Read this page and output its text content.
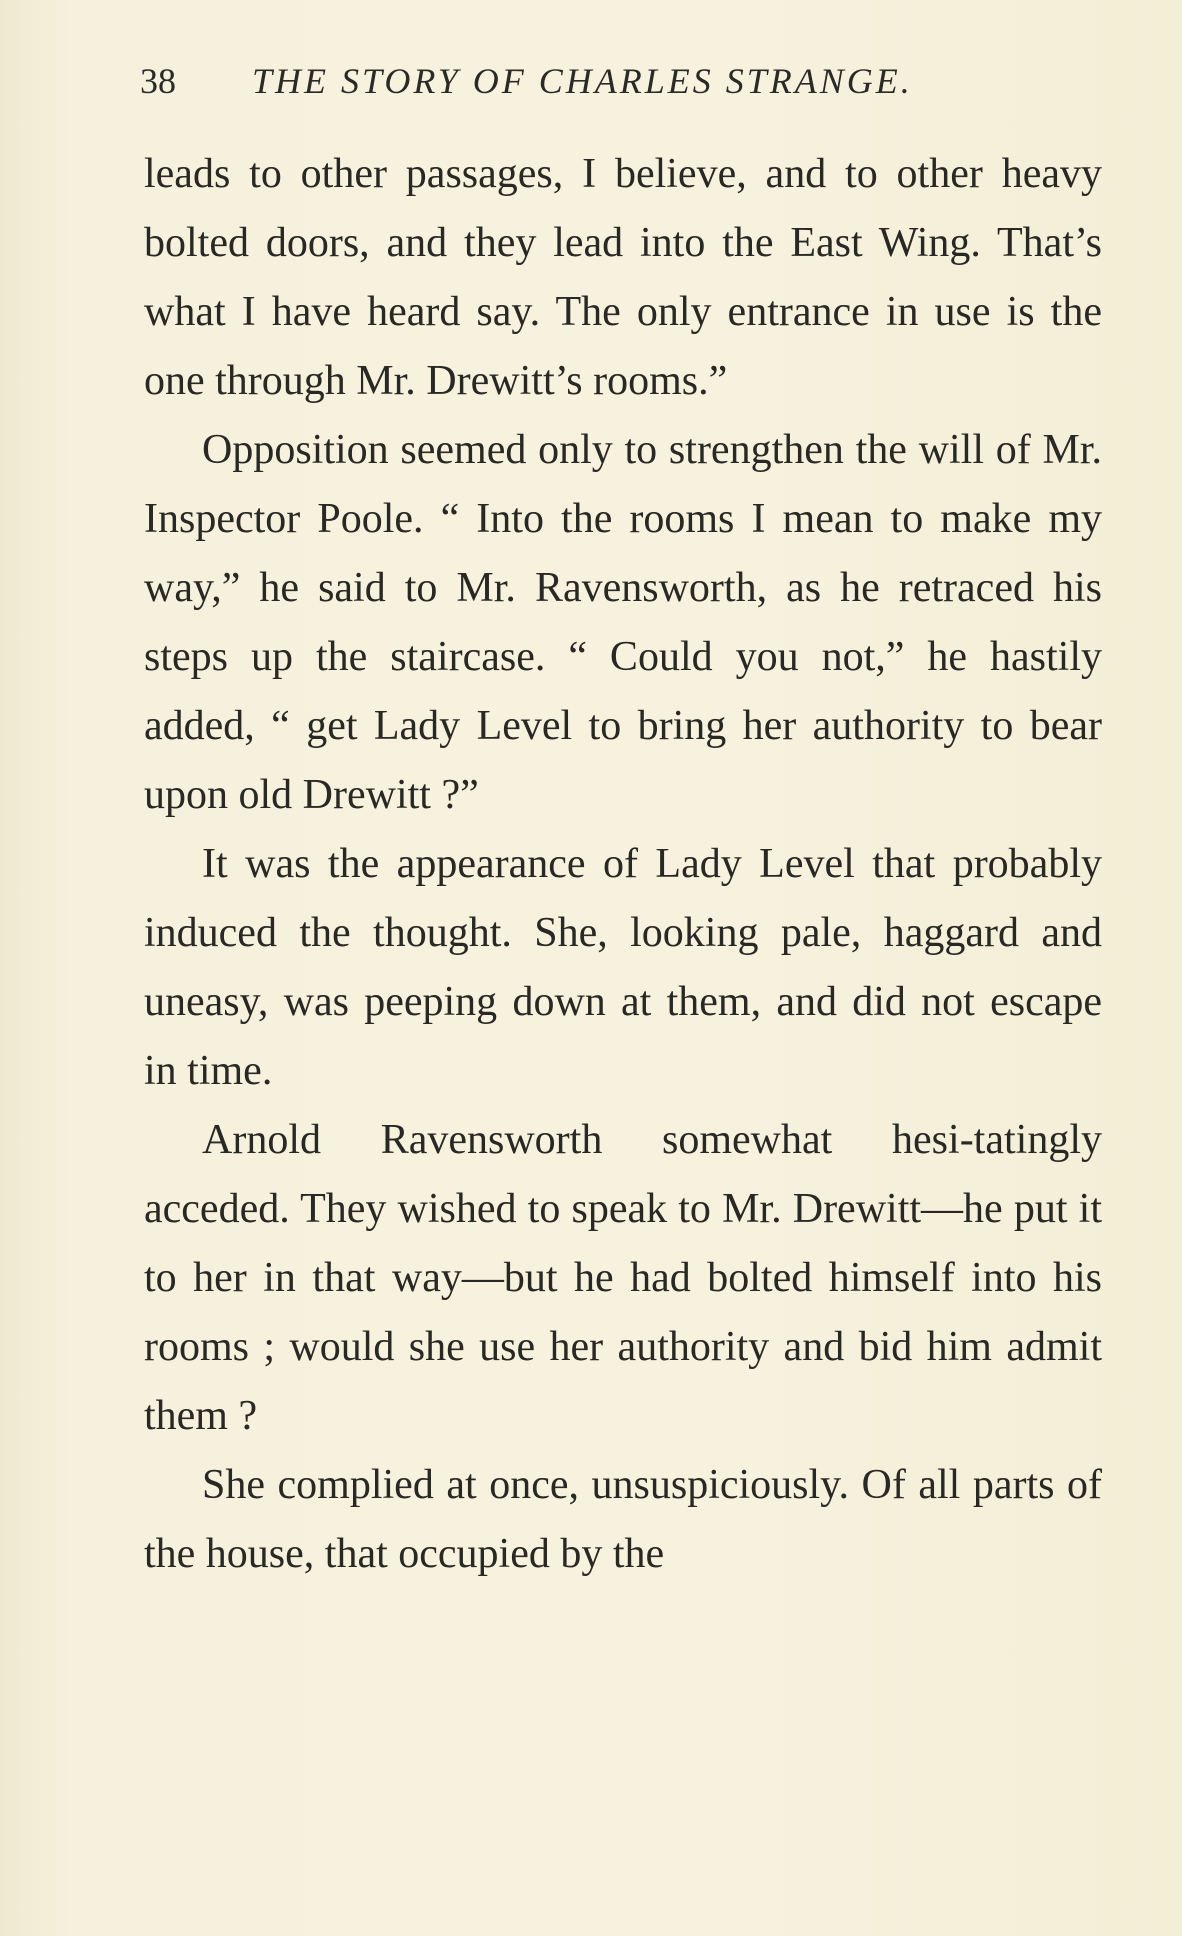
38 THE STORY OF CHARLES STRANGE.

leads to other passages, I believe, and to other heavy bolted doors, and they lead into the East Wing. That’s what I have heard say. The only entrance in use is the one through Mr. Drewitt’s rooms.”

Opposition seemed only to strengthen the will of Mr. Inspector Poole. “ Into the rooms I mean to make my way,” he said to Mr. Ravensworth, as he retraced his steps up the staircase. “ Could you not,” he hastily added, “ get Lady Level to bring her authority to bear upon old Drewitt ?”

It was the appearance of Lady Level that probably induced the thought. She, looking pale, haggard and uneasy, was peeping down at them, and did not escape in time.

Arnold Ravensworth somewhat hesi-tatingly acceded. They wished to speak to Mr. Drewitt—he put it to her in that way—but he had bolted himself into his rooms ; would she use her authority and bid him admit them ?

She complied at once, unsuspiciously. Of all parts of the house, that occupied by the
